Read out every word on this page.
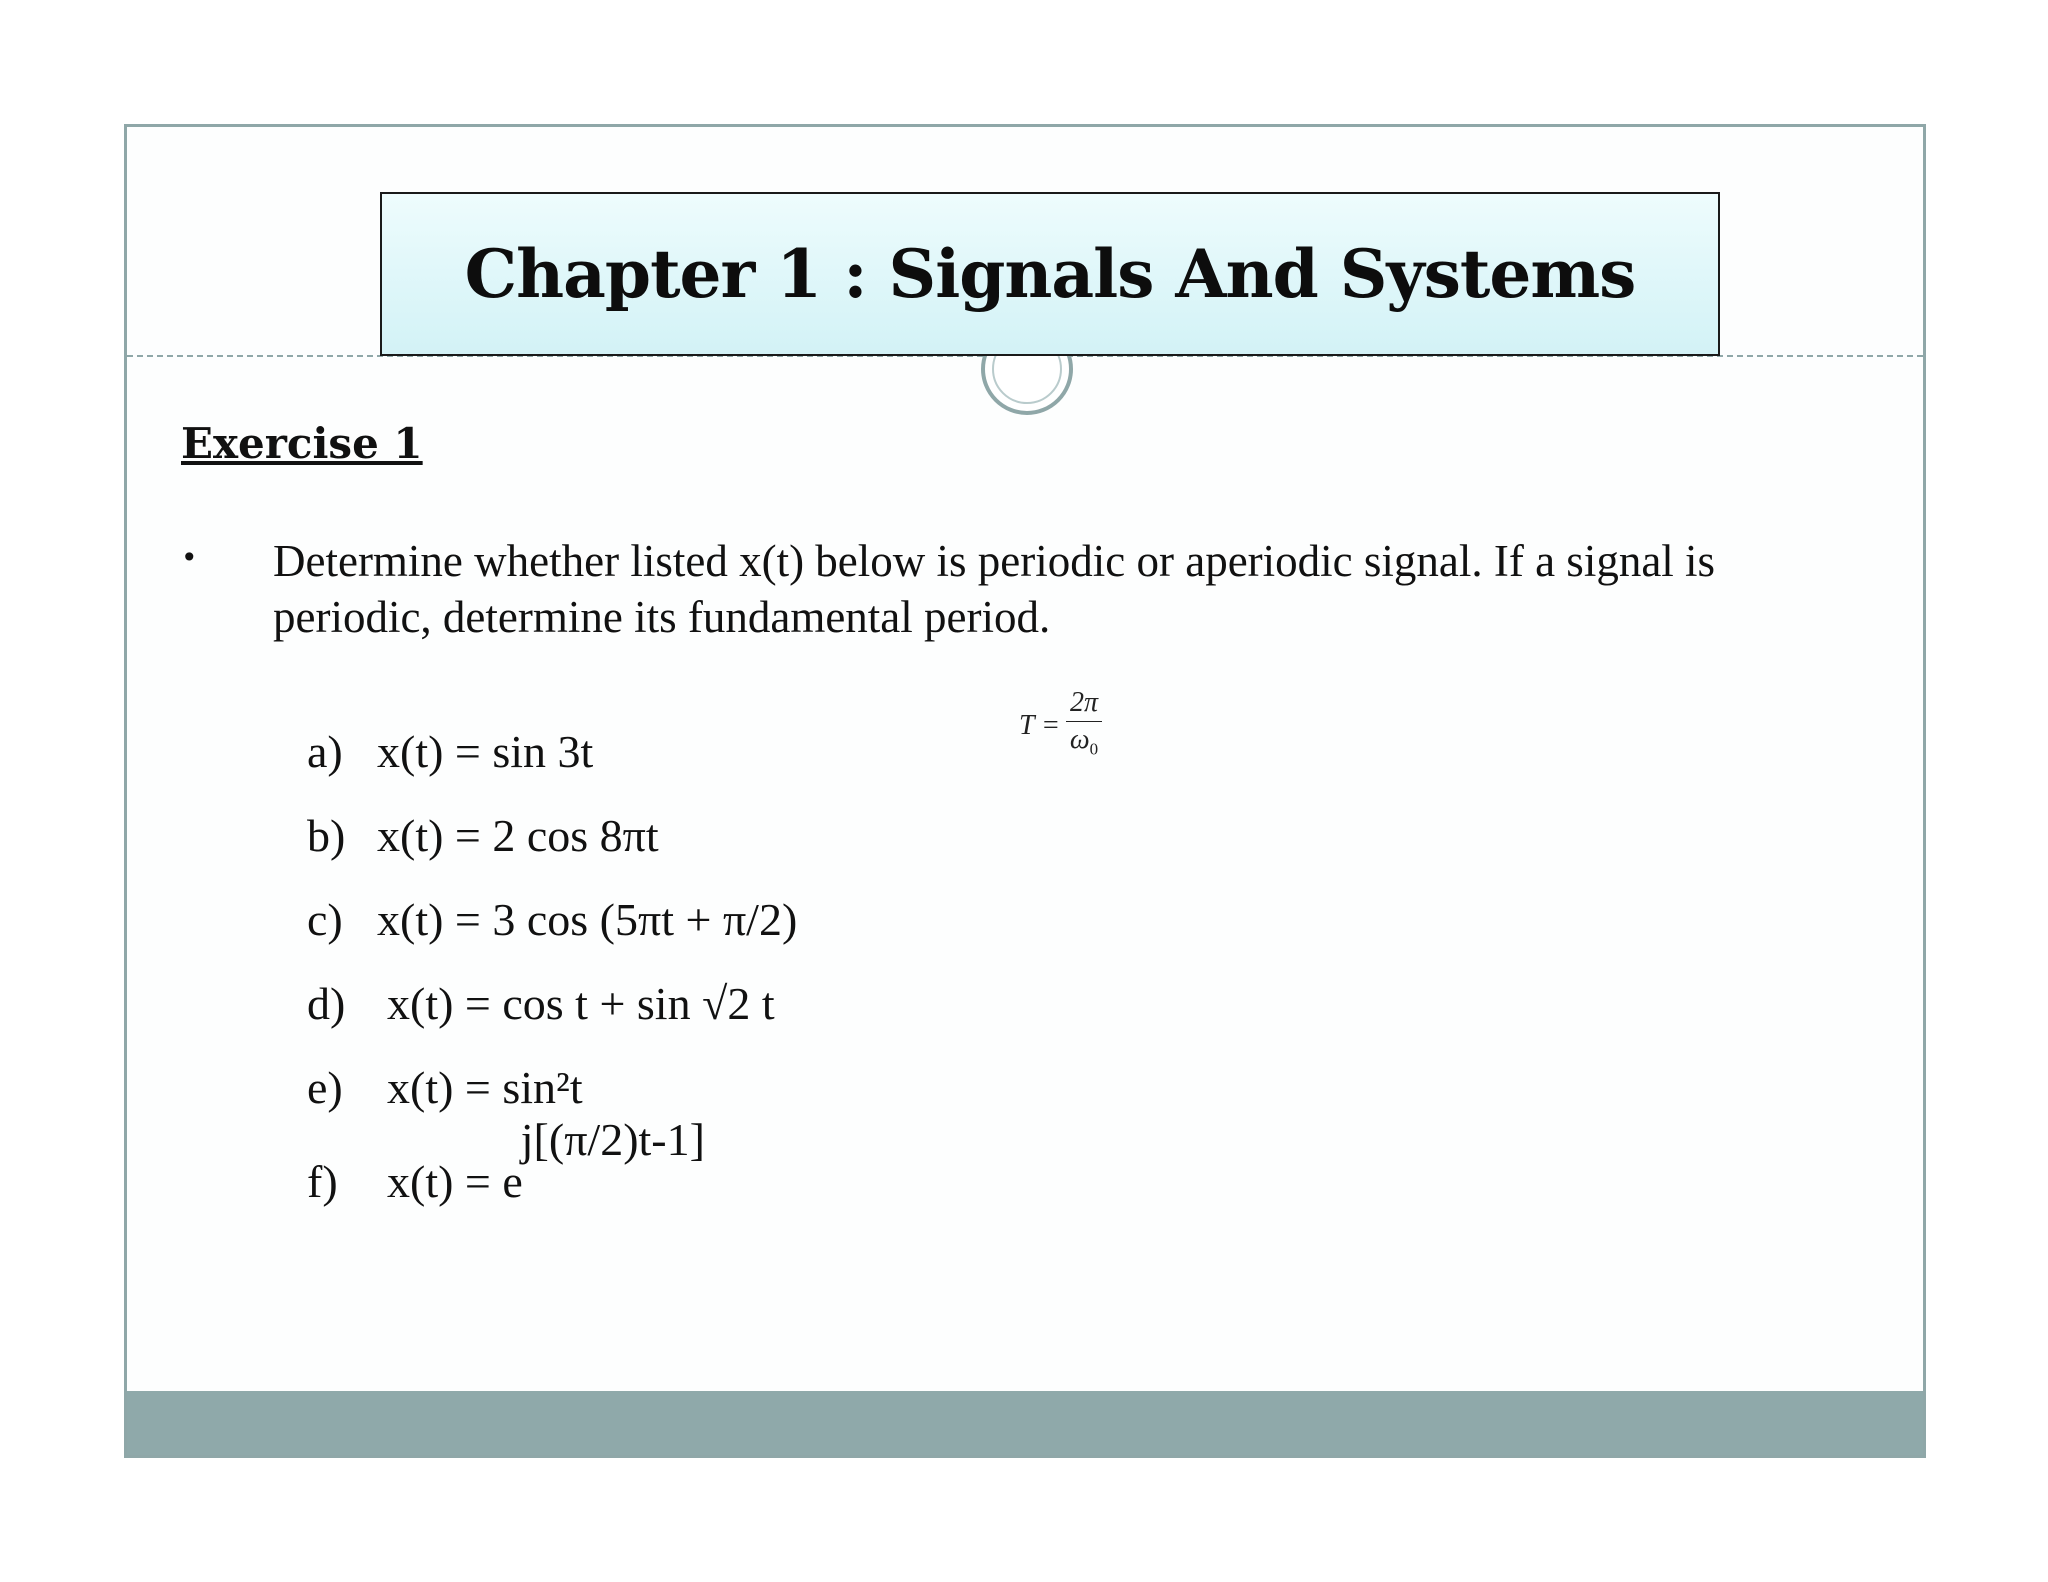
Chapter 1 : Signals And Systems
Exercise 1
• Determine whether listed x(t) below is periodic or aperiodic signal. If a signal is periodic, determine its fundamental period.
$T = \frac{2\pi}{\omega_0}$
a) x(t) = sin 3t
b) x(t) = 2 cos 8πt
c) x(t) = 3 cos (5πt + π/2)
d) x(t) = cos t + sin √2 t
e) x(t) = sin²t
f) x(t) = ej[(π/2)t-1]
